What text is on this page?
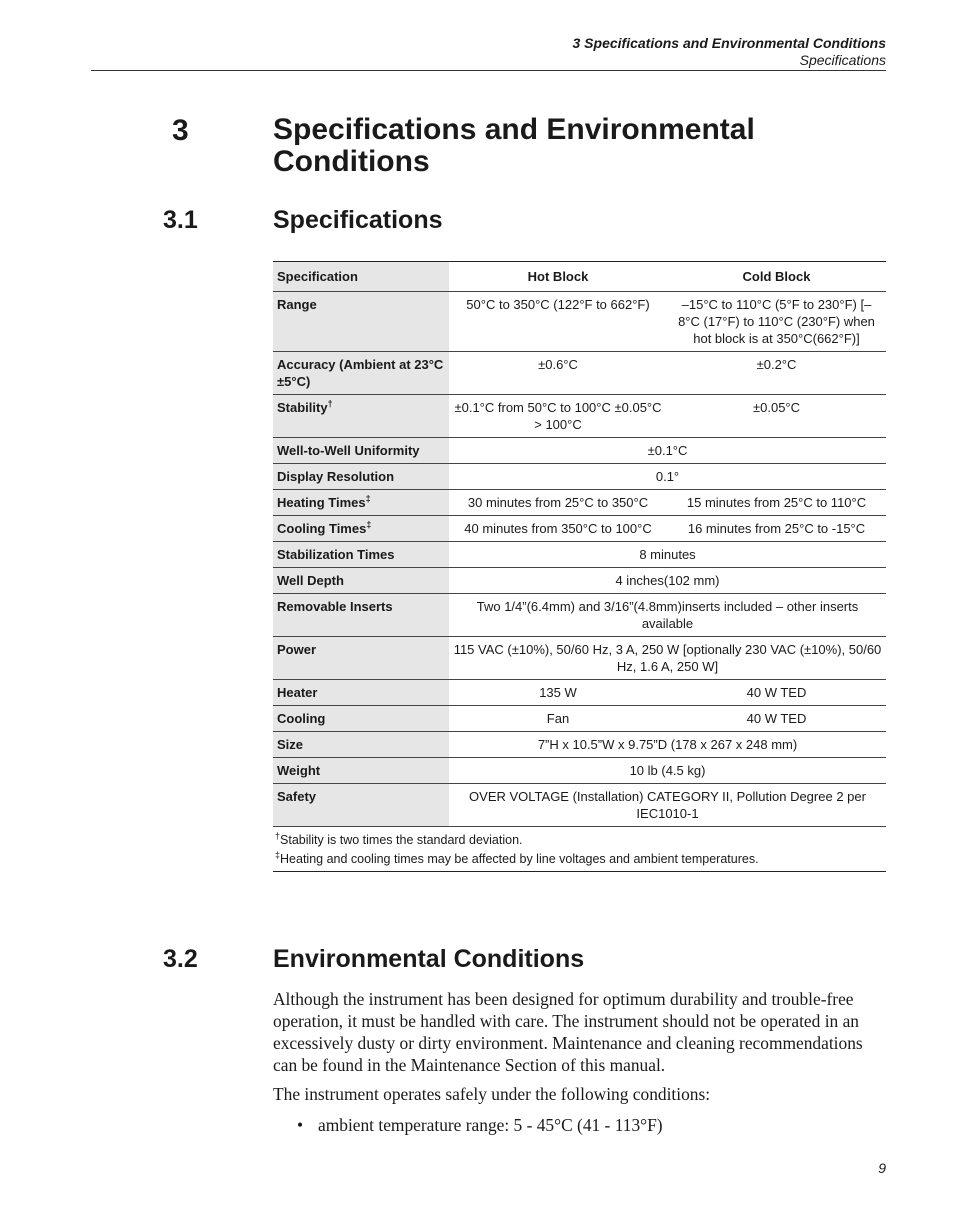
3 Specifications and Environmental Conditions
Specifications
3	Specifications and Environmental Conditions
3.1	Specifications
Specification	Hot Block	Cold Block
Range	50°C to 350°C (122°F to 662°F)	–15°C to 110°C (5°F to 230°F) [–8°C (17°F) to 110°C (230°F) when hot block is at 350°C(662°F)]
Accuracy (Ambient at 23°C ±5°C)	±0.6°C	±0.2°C
Stability†	±0.1°C from 50°C to 100°C ±0.05°C > 100°C	±0.05°C
Well-to-Well Uniformity	±0.1°C	
Display Resolution	0.1°	
Heating Times‡	30 minutes from 25°C to 350°C	15 minutes from 25°C to 110°C
Cooling Times‡	40 minutes from 350°C to 100°C	16 minutes from 25°C to -15°C
Stabilization Times	8 minutes	
Well Depth	4 inches(102 mm)	
Removable Inserts	Two 1/4”(6.4mm) and 3/16”(4.8mm)inserts included – other inserts available	
Power	115 VAC (±10%), 50/60 Hz, 3 A, 250 W [optionally 230 VAC (±10%), 50/60 Hz, 1.6 A, 250 W]	
Heater	135 W	40 W TED
Cooling	Fan	40 W TED
Size	7”H x 10.5”W x 9.75”D (178 x 267 x 248 mm)	
Weight	10 lb (4.5 kg)	
Safety	OVER VOLTAGE (Installation) CATEGORY II, Pollution Degree 2 per IEC1010-1	

†Stability is two times the standard deviation.
‡Heating and cooling times may be affected by line voltages and ambient temperatures.		
3.2	Environmental Conditions
Although the instrument has been designed for optimum durability and trouble-free operation, it must be handled with care. The instrument should not be operated in an excessively dusty or dirty environment. Maintenance and cleaning recommendations can be found in the Maintenance Section of this manual.
The instrument operates safely under the following conditions:
• ambient temperature range: 5 - 45°C (41 - 113°F)
9
